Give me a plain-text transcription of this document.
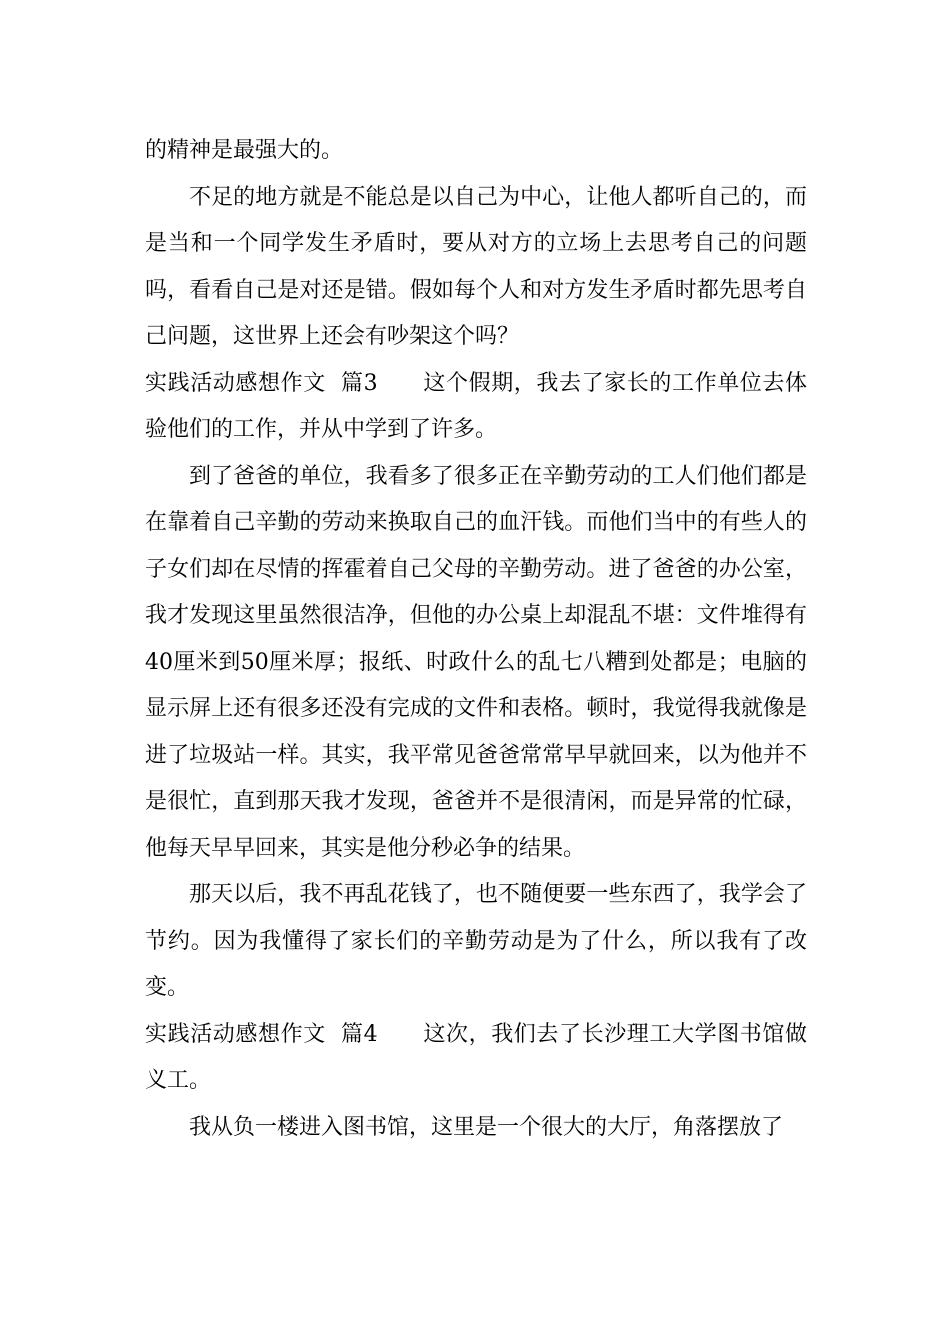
的精神是最强大的。

不足的地方就是不能总是以自己为中心，让他人都听自己的，而是当和一个同学发生矛盾时，要从对方的立场上去思考自己的问题吗，看看自己是对还是错。假如每个人和对方发生矛盾时都先思考自己问题，这世界上还会有吵架这个吗？

实践活动感想作文  篇3　　 这个假期，我去了家长的工作单位去体验他们的工作，并从中学到了许多。

到了爸爸的单位，我看多了很多正在辛勤劳动的工人们他们都是在靠着自己辛勤的劳动来换取自己的血汗钱。而他们当中的有些人的子女们却在尽情的挥霍着自己父母的辛勤劳动。进了爸爸的办公室，我才发现这里虽然很洁净，但他的办公桌上却混乱不堪：文件堆得有40厘米到50厘米厚；报纸、时政什么的乱七八糟到处都是；电脑的显示屏上还有很多还没有完成的文件和表格。顿时，我觉得我就像是进了垃圾站一样。其实，我平常见爸爸常常早早就回来，以为他并不是很忙，直到那天我才发现，爸爸并不是很清闲，而是异常的忙碌，他每天早早回来，其实是他分秒必争的结果。

那天以后，我不再乱花钱了，也不随便要一些东西了，我学会了节约。因为我懂得了家长们的辛勤劳动是为了什么，所以我有了改变。

实践活动感想作文  篇4　　 这次，我们去了长沙理工大学图书馆做义工。

我从负一楼进入图书馆，这里是一个很大的大厅，角落摆放了
